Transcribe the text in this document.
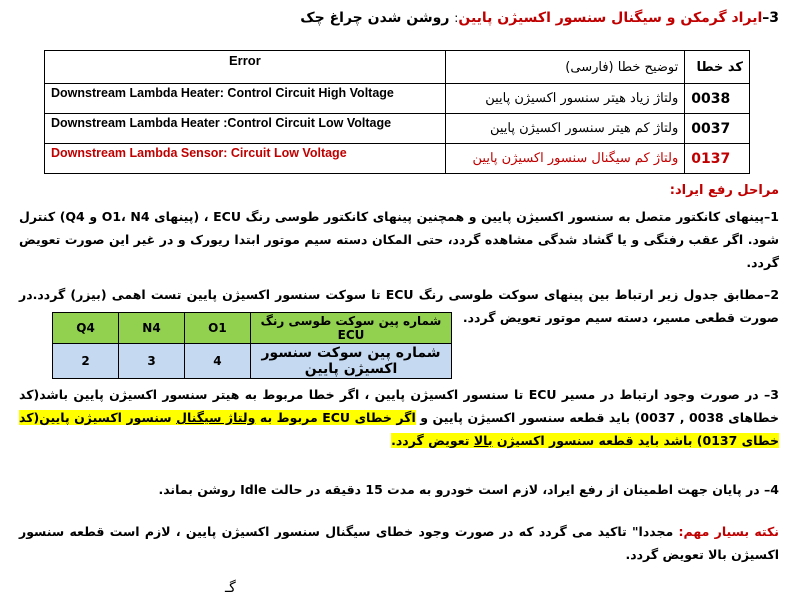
3–ایراد گرمکن و سیگنال سنسور اکسیژن پایین: روشن شدن چراغ چک
Error	توضیح خطا (فارسی)	کد خطا
Downstream Lambda Heater: Control Circuit High Voltage	ولتاژ زیاد هیتر سنسور اکسیژن پایین	0038
Downstream Lambda Heater :Control Circuit Low Voltage	ولتاژ کم هیتر سنسور اکسیژن پایین	0037
Downstream Lambda Sensor: Circuit Low Voltage	ولتاژ کم سیگنال سنسور اکسیژن پایین	0137
مراحل رفع ایراد:
1–پینهای کانکتور متصل به سنسور اکسیژن پایین و همچنین پینهای کانکتور طوسی رنگ ECU ، (پینهای O1، N4 و Q4) کنترل شود. اگر عقب رفتگی و یا گشاد شدگی مشاهده گردد، حتی المکان دسته سیم موتور ابتدا ریورک و در غیر این صورت تعویض گردد.
2–مطابق جدول زیر ارتباط بین پینهای سوکت طوسی رنگ ECU تا سوکت سنسور اکسیژن پایین تست اهمی (بیزر) گردد.در صورت قطعی مسیر، دسته سیم موتور تعویض گردد.
Q4	N4	O1	شماره پین سوکت طوسی رنگ ECU
2	3	4	شماره پین سوکت سنسور اکسیژن پایین
3– در صورت وجود ارتباط در مسیر ECU تا سنسور اکسیژن پایین ، اگر خطا مربوط به هیتر سنسور اکسیژن پایین باشد(کد خطاهای 0038 , 0037) باید قطعه سنسور اکسیژن پایین و اگر خطای ECU مربوط به ولتاژ سیگنال سنسور اکسیژن پایین(کد خطای 0137) باشد باید قطعه سنسور اکسیژن بالا تعویض گردد.
4– در پایان جهت اطمینان از رفع ایراد، لازم است خودرو به مدت 15 دقیقه در حالت Idle روشن بماند.
نکته بسیار مهم: مجددا" تاکید می گردد که در صورت وجود خطای سیگنال سنسور اکسیژن پایین ، لازم است قطعه سنسور اکسیژن بالا تعویض گردد.
گـ
